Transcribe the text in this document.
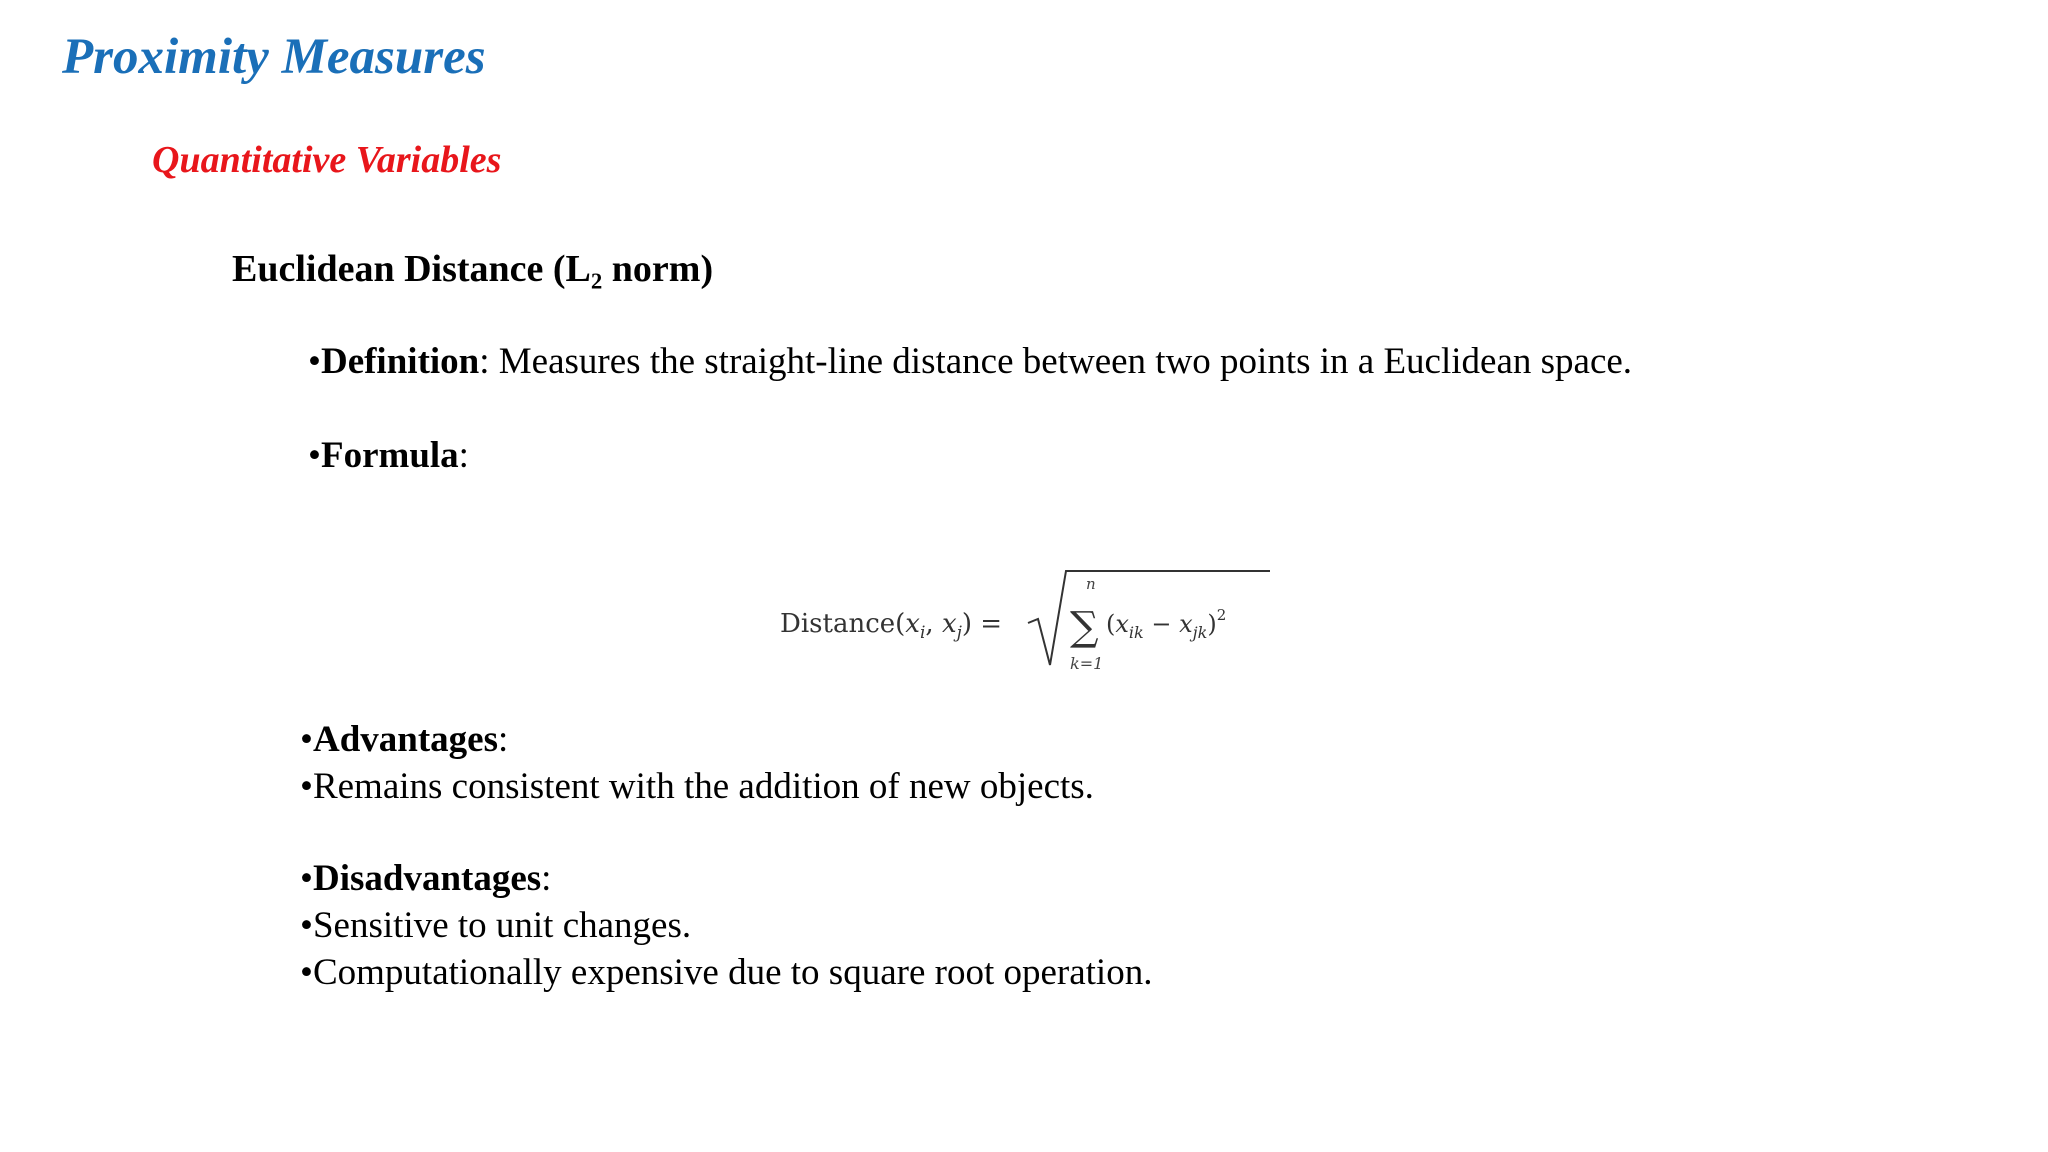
Proximity Measures
Quantitative Variables
Euclidean Distance (L₂ norm)
•Definition: Measures the straight-line distance between two points in a Euclidean space.
•Formula:
$Distance(x_i$, $x_j$) =
n
∑
k=1
$(x_{ik} - x_{jk})^2$
•Advantages:
•Remains consistent with the addition of new objects.
•Disadvantages:
•Sensitive to unit changes.
•Computationally expensive due to square root operation.
